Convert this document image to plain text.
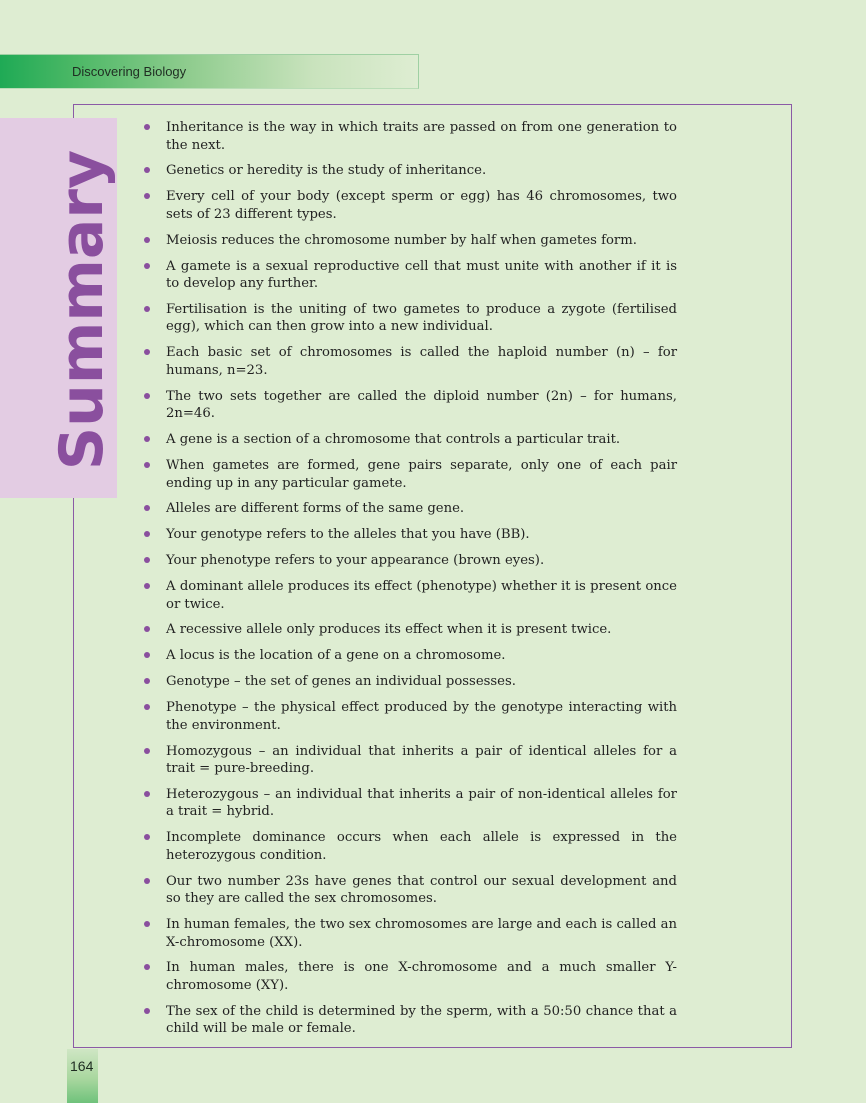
Discovering Biology
Summary
Inheritance is the way in which traits are passed on from one generation to the next.
Genetics or heredity is the study of inheritance.
Every cell of your body (except sperm or egg) has 46 chromosomes, two sets of 23 different types.
Meiosis reduces the chromosome number by half when gametes form.
A gamete is a sexual reproductive cell that must unite with another if it is to develop any further.
Fertilisation is the uniting of two gametes to produce a zygote (fertilised egg), which can then grow into a new individual.
Each basic set of chromosomes is called the haploid number (n) – for humans, n=23.
The two sets together are called the diploid number (2n) – for humans, 2n=46.
A gene is a section of a chromosome that controls a particular trait.
When gametes are formed, gene pairs separate, only one of each pair ending up in any particular gamete.
Alleles are different forms of the same gene.
Your genotype refers to the alleles that you have (BB).
Your phenotype refers to your appearance (brown eyes).
A dominant allele produces its effect (phenotype) whether it is present once or twice.
A recessive allele only produces its effect when it is present twice.
A locus is the location of a gene on a chromosome.
Genotype – the set of genes an individual possesses.
Phenotype – the physical effect produced by the genotype interacting with the environment.
Homozygous – an individual that inherits a pair of identical alleles for a trait = pure-breeding.
Heterozygous – an individual that inherits a pair of non-identical alleles for a trait = hybrid.
Incomplete dominance occurs when each allele is expressed in the heterozygous condition.
Our two number 23s have genes that control our sexual development and so they are called the sex chromosomes.
In human females, the two sex chromosomes are large and each is called an X-chromosome (XX).
In human males, there is one X-chromosome and a much smaller Y-chromosome (XY).
The sex of the child is determined by the sperm, with a 50:50 chance that a child will be male or female.
164
